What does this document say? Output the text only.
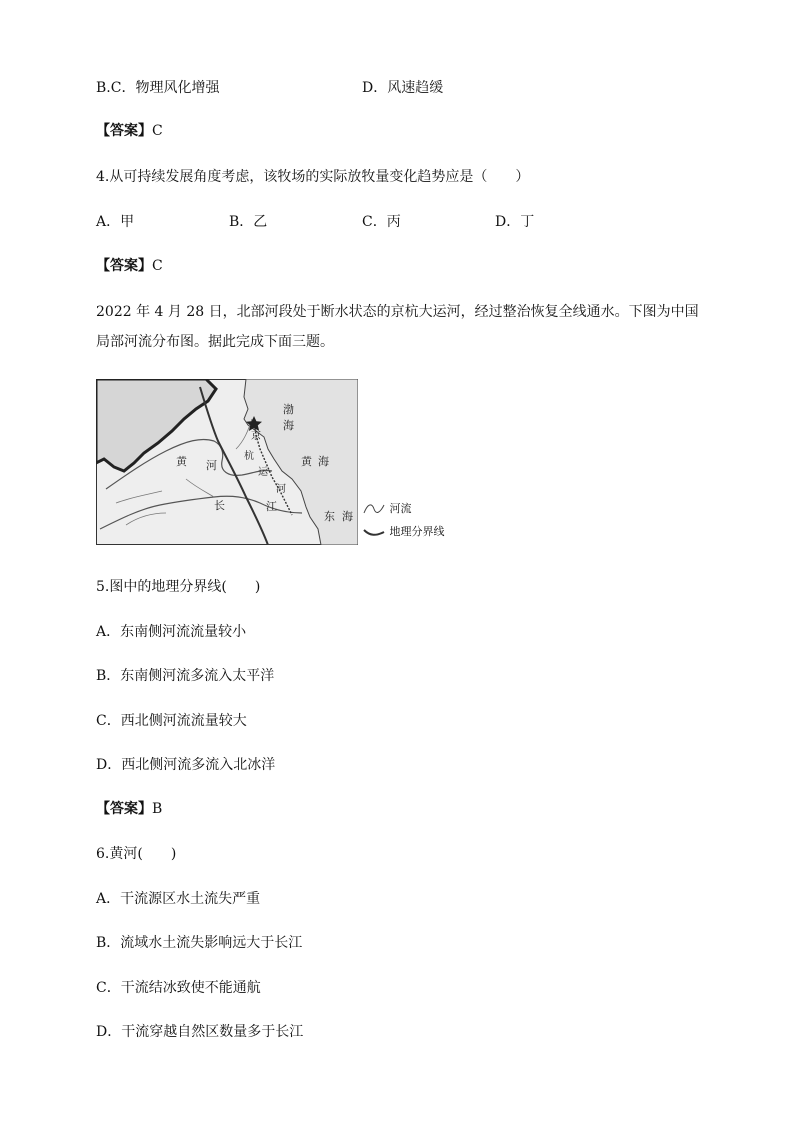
B.C．物理风化增强	D．风速趋缓
【答案】C
4.从可持续发展角度考虑，该牧场的实际放牧量变化趋势应是（　　）
A．甲	B．乙	C．丙	D．丁
【答案】C
2022 年 4 月 28 日，北部河段处于断水状态的京杭大运河，经过整治恢复全线通水。下图为中国局部河流分布图。据此完成下面三题。
渤
海
京
杭
运
河
黄 河	黄 海
长	江
东 海
河流
地理分界线
5.图中的地理分界线(　　)
A．东南侧河流流量较小
B．东南侧河流多流入太平洋
C．西北侧河流流量较大
D．西北侧河流多流入北冰洋
【答案】B
6.黄河(　　)
A．干流源区水土流失严重
B．流域水土流失影响远大于长江
C．干流结冰致使不能通航
D．干流穿越自然区数量多于长江
